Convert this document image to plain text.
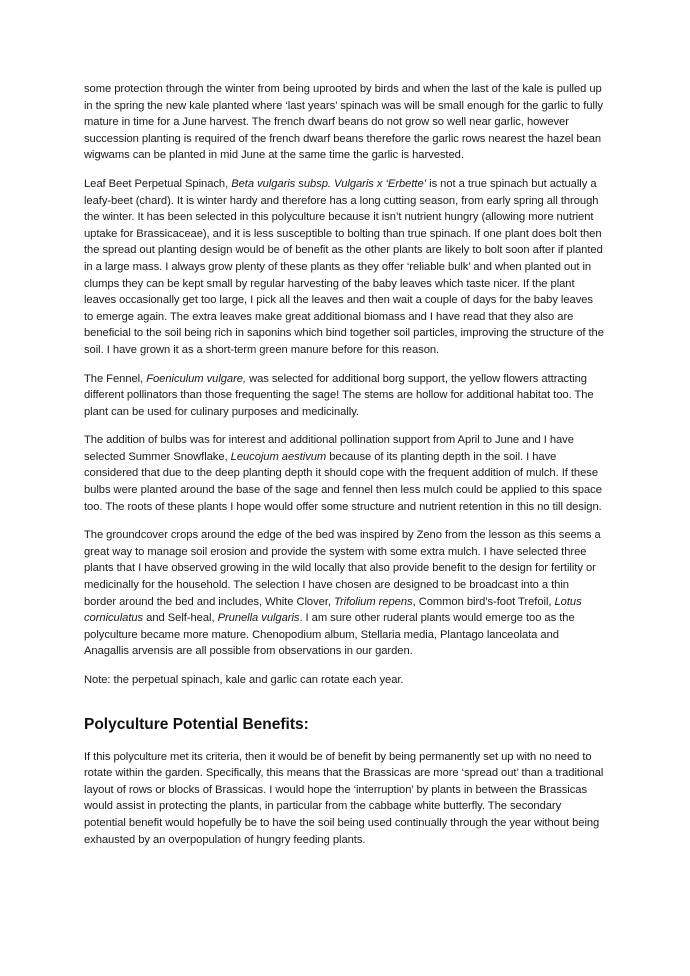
some protection through the winter from being uprooted by birds and when the last of the kale is pulled up in the spring the new kale planted where ‘last years’ spinach was will be small enough for the garlic to fully mature in time for a June harvest. The french dwarf beans do not grow so well near garlic, however succession planting is required of the french dwarf beans therefore the garlic rows nearest the hazel bean wigwams can be planted in mid June at the same time the garlic is harvested.

Leaf Beet Perpetual Spinach, Beta vulgaris subsp. Vulgaris x ‘Erbette’ is not a true spinach but actually a leafy-beet (chard). It is winter hardy and therefore has a long cutting season, from early spring all through the winter. It has been selected in this polyculture because it isn’t nutrient hungry (allowing more nutrient uptake for Brassicaceae), and it is less susceptible to bolting than true spinach. If one plant does bolt then the spread out planting design would be of benefit as the other plants are likely to bolt soon after if planted in a large mass. I always grow plenty of these plants as they offer ‘reliable bulk’ and when planted out in clumps they can be kept small by regular harvesting of the baby leaves which taste nicer. If the plant leaves occasionally get too large, I pick all the leaves and then wait a couple of days for the baby leaves to emerge again. The extra leaves make great additional biomass and I have read that they also are beneficial to the soil being rich in saponins which bind together soil particles, improving the structure of the soil. I have grown it as a short-term green manure before for this reason.

The Fennel, Foeniculum vulgare, was selected for additional borg support, the yellow flowers attracting different pollinators than those frequenting the sage! The stems are hollow for additional habitat too. The plant can be used for culinary purposes and medicinally.

The addition of bulbs was for interest and additional pollination support from April to June and I have selected Summer Snowflake, Leucojum aestivum because of its planting depth in the soil. I have considered that due to the deep planting depth it should cope with the frequent addition of mulch. If these bulbs were planted around the base of the sage and fennel then less mulch could be applied to this space too. The roots of these plants I hope would offer some structure and nutrient retention in this no till design.

The groundcover crops around the edge of the bed was inspired by Zeno from the lesson as this seems a great way to manage soil erosion and provide the system with some extra mulch. I have selected three plants that I have observed growing in the wild locally that also provide benefit to the design for fertility or medicinally for the household. The selection I have chosen are designed to be broadcast into a thin border around the bed and includes, White Clover, Trifolium repens, Common bird’s-foot Trefoil, Lotus corniculatus and Self-heal, Prunella vulgaris. I am sure other ruderal plants would emerge too as the polyculture became more mature. Chenopodium album, Stellaria media, Plantago lanceolata and Anagallis arvensis are all possible from observations in our garden.

Note: the perpetual spinach, kale and garlic can rotate each year.

Polyculture Potential Benefits:

If this polyculture met its criteria, then it would be of benefit by being permanently set up with no need to rotate within the garden. Specifically, this means that the Brassicas are more ‘spread out’ than a traditional layout of rows or blocks of Brassicas. I would hope the ‘interruption’ by plants in between the Brassicas would assist in protecting the plants, in particular from the cabbage white butterfly. The secondary potential benefit would hopefully be to have the soil being used continually through the year without being exhausted by an overpopulation of hungry feeding plants.
